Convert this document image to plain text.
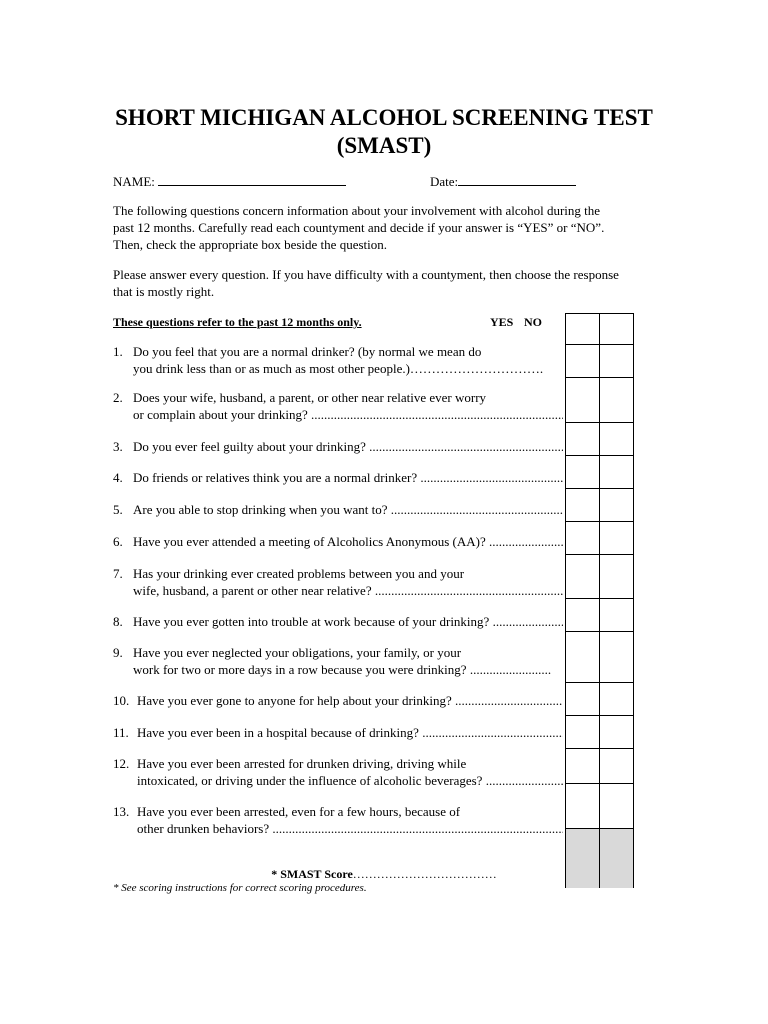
SHORT MICHIGAN ALCOHOL SCREENING TEST
(SMAST)
NAME:	Date:
The following questions concern information about your involvement with alcohol during the
past 12 months. Carefully read each countyment and decide if your answer is “YES” or “NO”.
Then, check the appropriate box beside the question.
Please answer every question. If you have difficulty with a countyment, then choose the response
that is mostly right.
These questions refer to the past 12 months only.	YES NO
1. Do you feel that you are a normal drinker? (by normal we mean do
you drink less than or as much as most other people.)………………………….
2. Does your wife, husband, a parent, or other near relative ever worry
or complain about your drinking? .....
3. Do you ever feel guilty about your drinking? .....
4. Do friends or relatives think you are a normal drinker? .....
5. Are you able to stop drinking when you want to? .....
6. Have you ever attended a meeting of Alcoholics Anonymous (AA)? .....
7. Has your drinking ever created problems between you and your
wife, husband, a parent or other near relative? .....
8. Have you ever gotten into trouble at work because of your drinking? .....
9. Have you ever neglected your obligations, your family, or your
work for two or more days in a row because you were drinking? .....
10. Have you ever gone to anyone for help about your drinking? .....
11. Have you ever been in a hospital because of drinking? .....
12. Have you ever been arrested for drunken driving, driving while
intoxicated, or driving under the influence of alcoholic beverages? .....
13. Have you ever been arrested, even for a few hours, because of
other drunken behaviors? .....
* SMAST Score………………………………
* See scoring instructions for correct scoring procedures.
